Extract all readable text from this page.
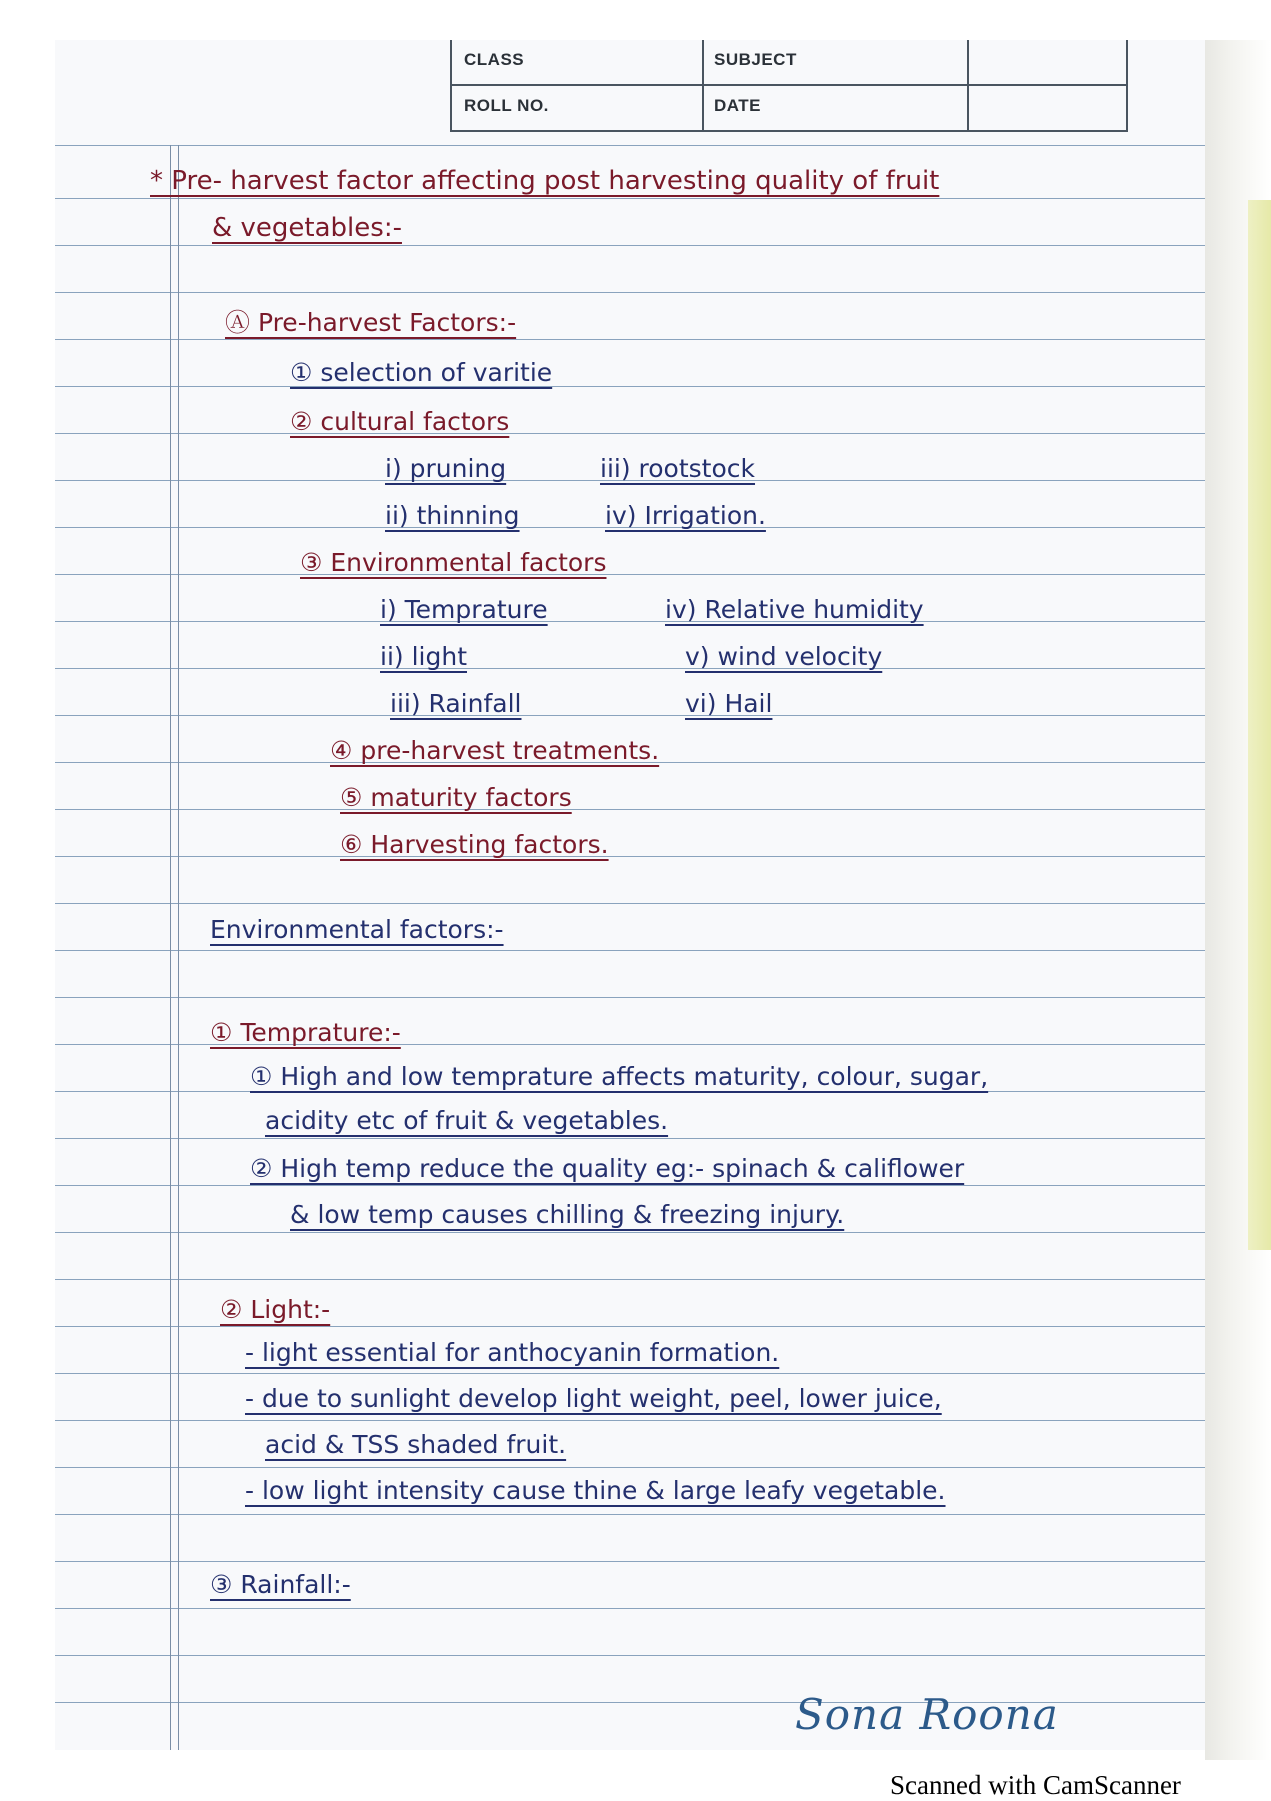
CLASS	SUBJECT
ROLL NO.	DATE
* Pre- harvest factor affecting post harvesting quality of fruit
& vegetables:-
Ⓐ Pre-harvest Factors:-
① selection of varitie
② cultural factors
i) pruning	iii) rootstock
ii) thinning	iv) Irrigation.
③ Environmental factors
i) Temprature	iv) Relative humidity
ii) light	v) wind velocity
iii) Rainfall	vi) Hail
④ pre-harvest treatments.
⑤ maturity factors
⑥ Harvesting factors.
Environmental factors:-
① Temprature:-
① High and low temprature affects maturity, colour, sugar,
acidity etc of fruit & vegetables.
② High temp reduce the quality eg:- spinach & califlower
& low temp causes chilling & freezing injury.
② Light:-
- light essential for anthocyanin formation.
- due to sunlight develop light weight, peel, lower juice,
acid & TSS shaded fruit.
- low light intensity cause thine & large leafy vegetable.
③ Rainfall:-
Sona Roona
Scanned with CamScanner
